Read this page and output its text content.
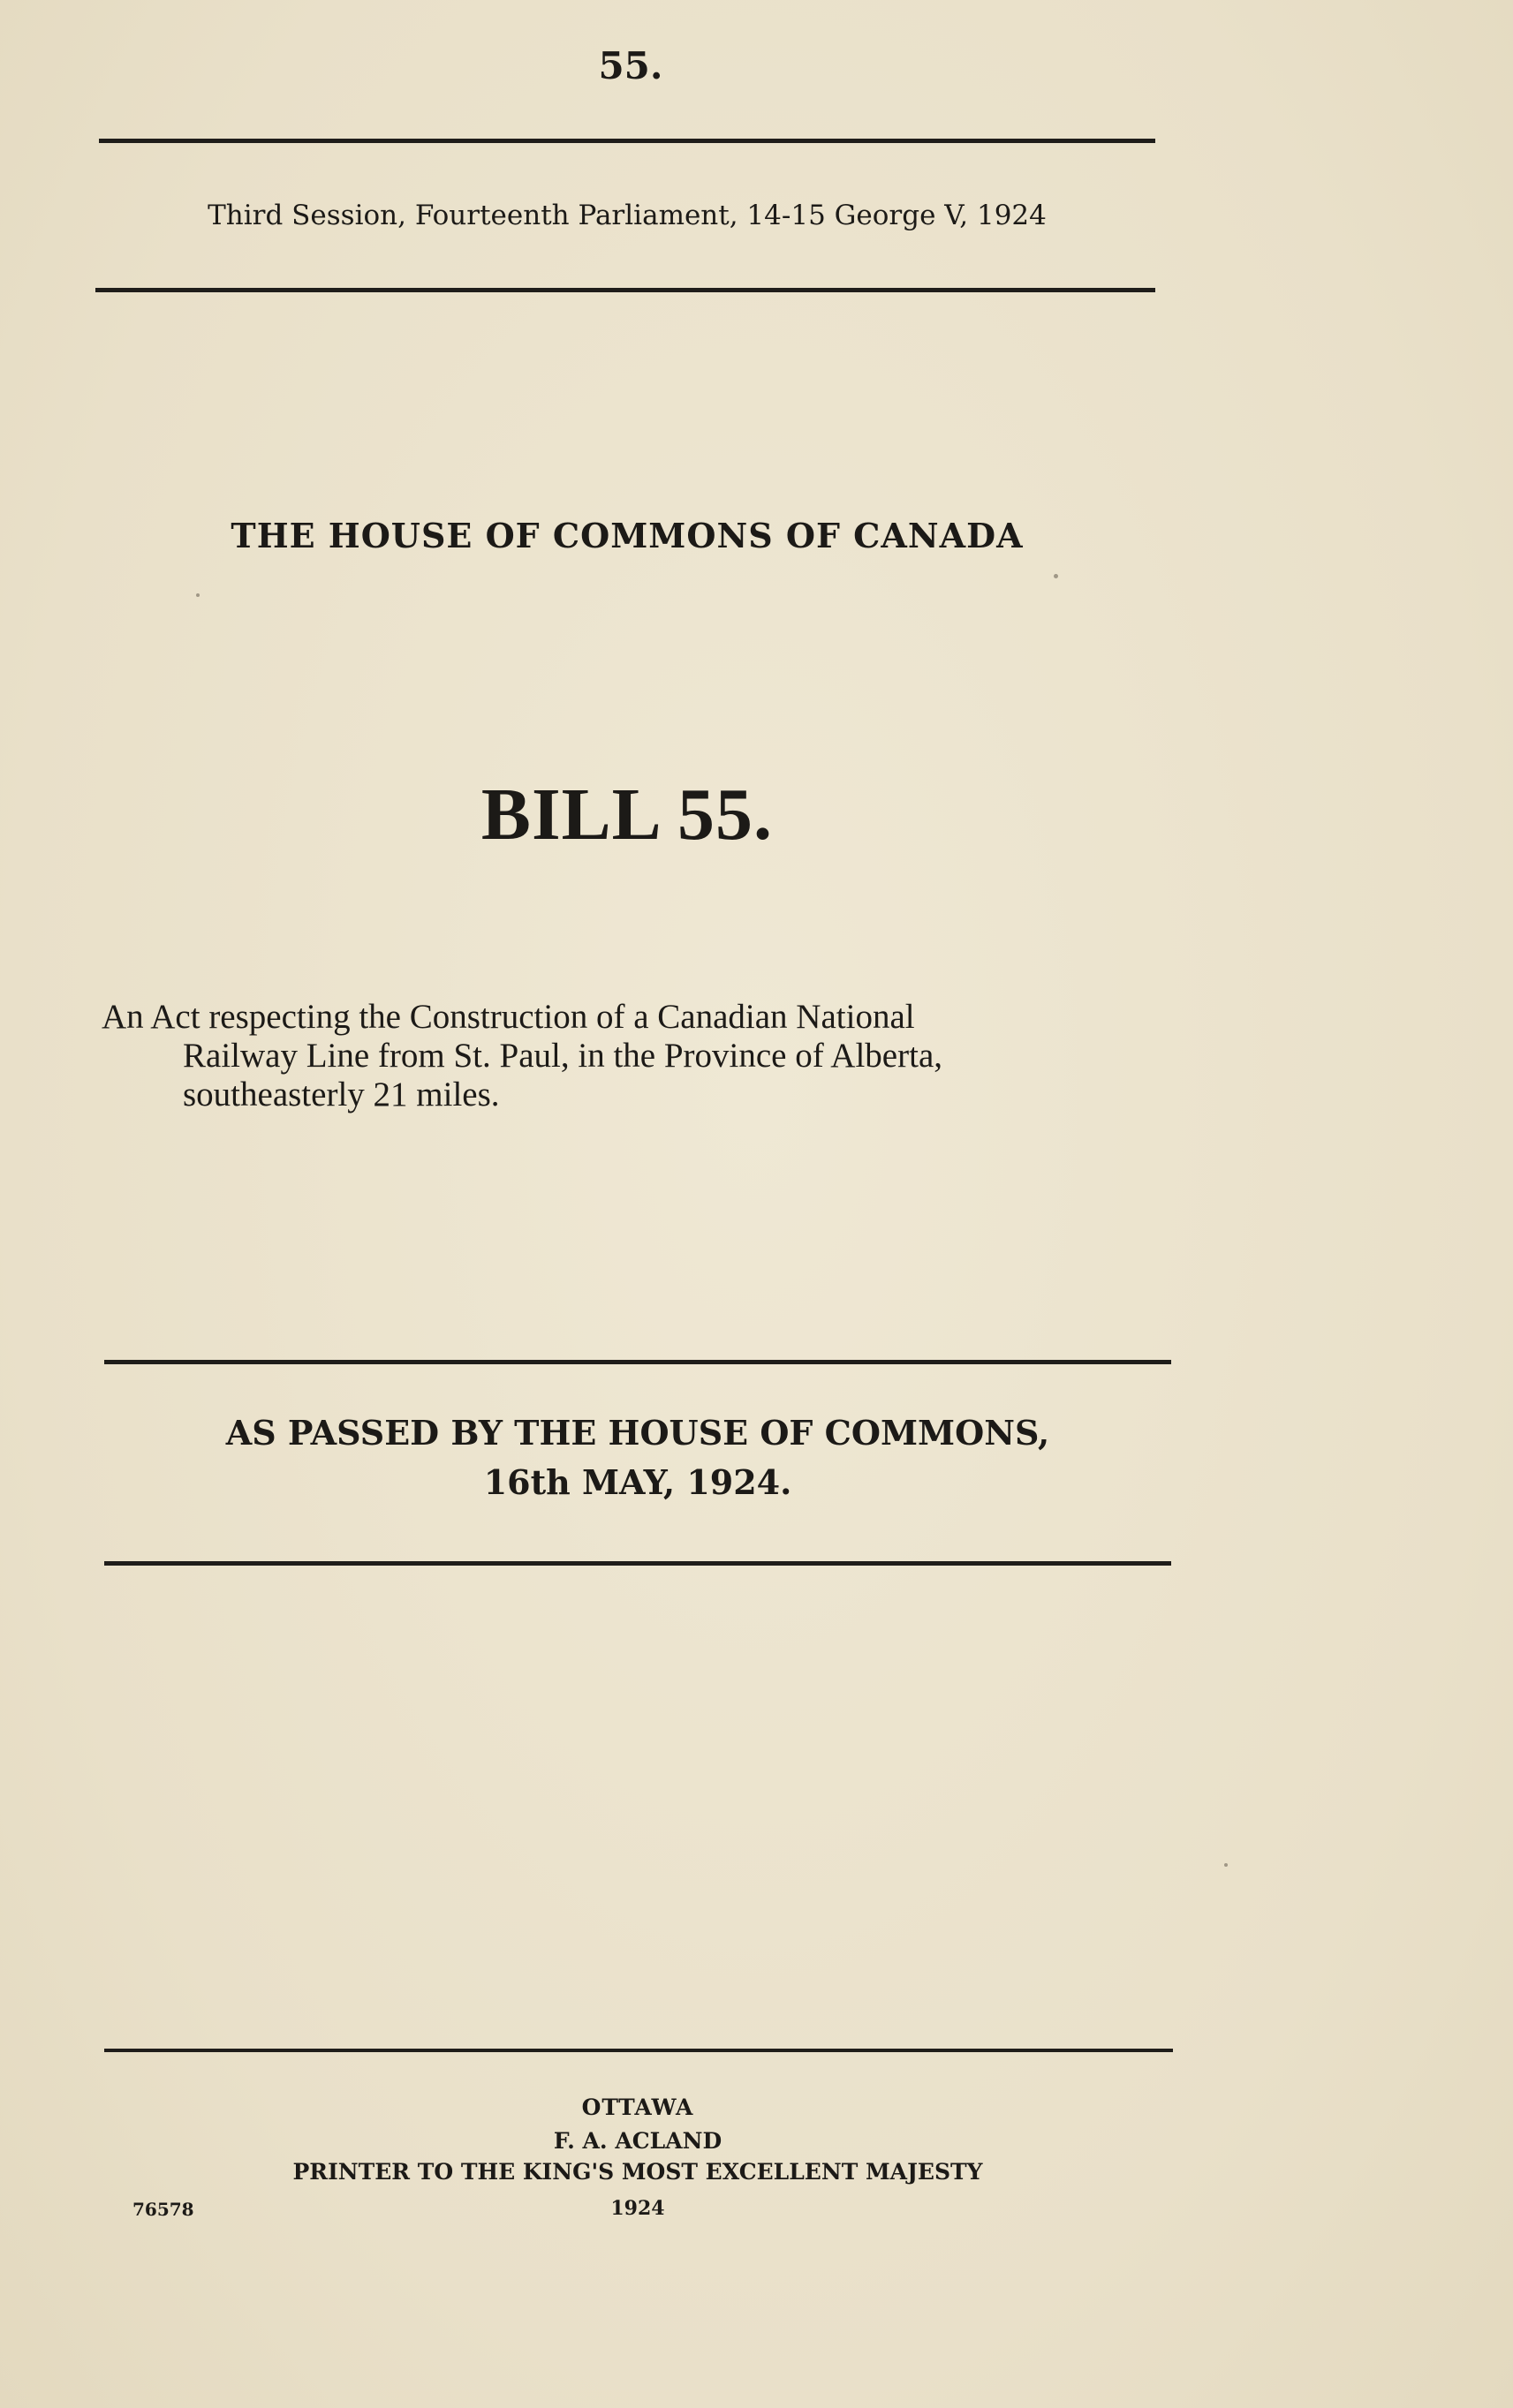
55.
Third Session, Fourteenth Parliament, 14-15 George V, 1924
THE HOUSE OF COMMONS OF CANADA
BILL 55.
An Act respecting the Construction of a Canadian National
Railway Line from St. Paul, in the Province of Alberta,
southeasterly 21 miles.
AS PASSED BY THE HOUSE OF COMMONS,
16th MAY, 1924.
OTTAWA
F. A. ACLAND
PRINTER TO THE KING'S MOST EXCELLENT MAJESTY
1924
76578
